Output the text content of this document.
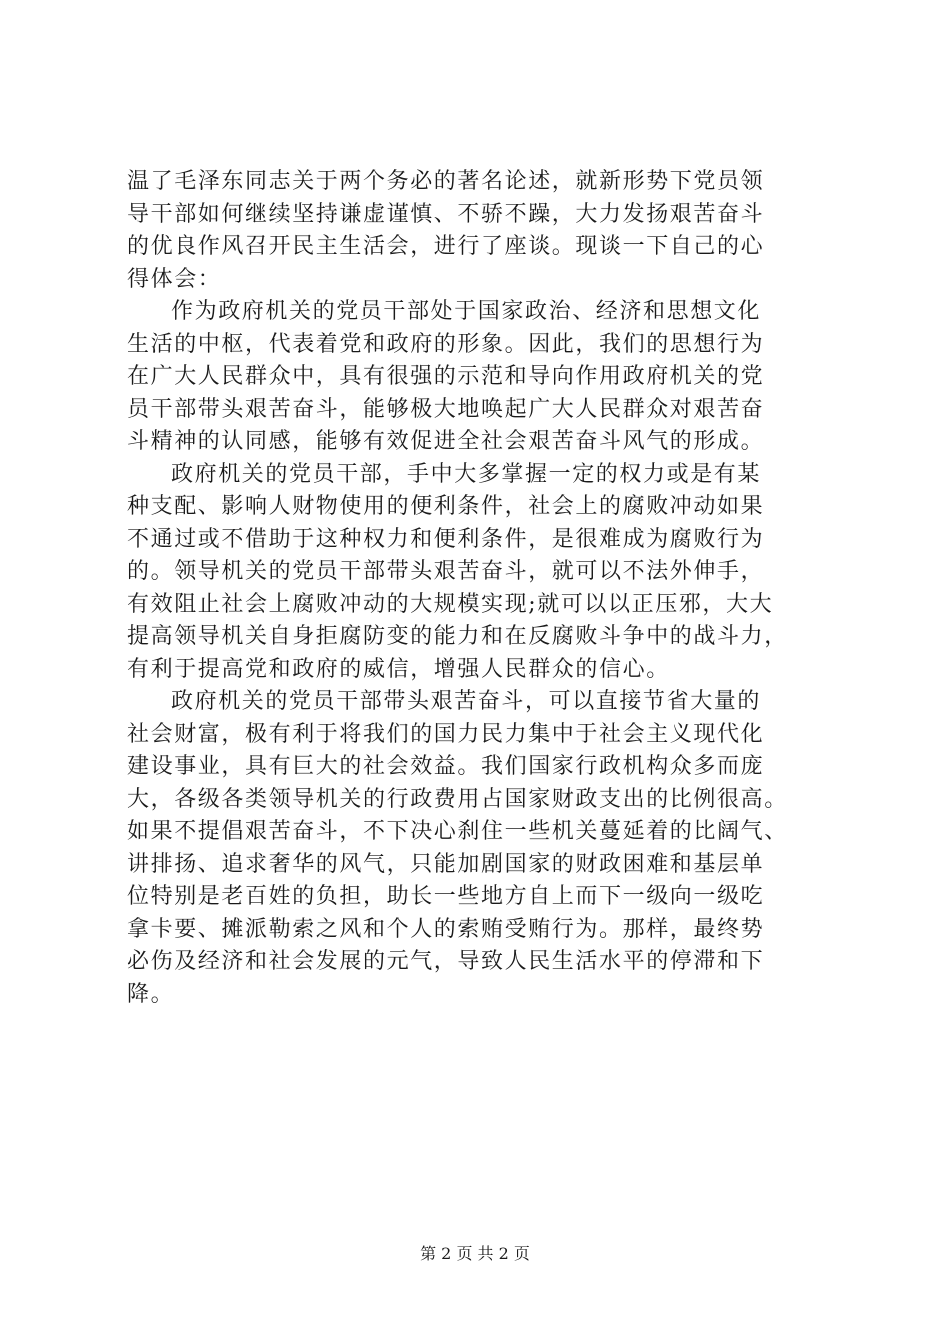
温了毛泽东同志关于两个务必的著名论述，就新形势下党员领
导干部如何继续坚持谦虚谨慎、不骄不躁，大力发扬艰苦奋斗
的优良作风召开民主生活会，进行了座谈。现谈一下自己的心
得体会：
作为政府机关的党员干部处于国家政治、经济和思想文化
生活的中枢，代表着党和政府的形象。因此，我们的思想行为
在广大人民群众中，具有很强的示范和导向作用政府机关的党
员干部带头艰苦奋斗，能够极大地唤起广大人民群众对艰苦奋
斗精神的认同感，能够有效促进全社会艰苦奋斗风气的形成。
政府机关的党员干部，手中大多掌握一定的权力或是有某
种支配、影响人财物使用的便利条件，社会上的腐败冲动如果
不通过或不借助于这种权力和便利条件，是很难成为腐败行为
的。领导机关的党员干部带头艰苦奋斗，就可以不法外伸手，
有效阻止社会上腐败冲动的大规模实现;就可以以正压邪，大大
提高领导机关自身拒腐防变的能力和在反腐败斗争中的战斗力，
有利于提高党和政府的威信，增强人民群众的信心。
政府机关的党员干部带头艰苦奋斗，可以直接节省大量的
社会财富，极有利于将我们的国力民力集中于社会主义现代化
建设事业，具有巨大的社会效益。我们国家行政机构众多而庞
大，各级各类领导机关的行政费用占国家财政支出的比例很高。
如果不提倡艰苦奋斗，不下决心刹住一些机关蔓延着的比阔气、
讲排扬、追求奢华的风气，只能加剧国家的财政困难和基层单
位特别是老百姓的负担，助长一些地方自上而下一级向一级吃
拿卡要、摊派勒索之风和个人的索贿受贿行为。那样，最终势
必伤及经济和社会发展的元气，导致人民生活水平的停滞和下
降。
第 2 页 共 2 页
